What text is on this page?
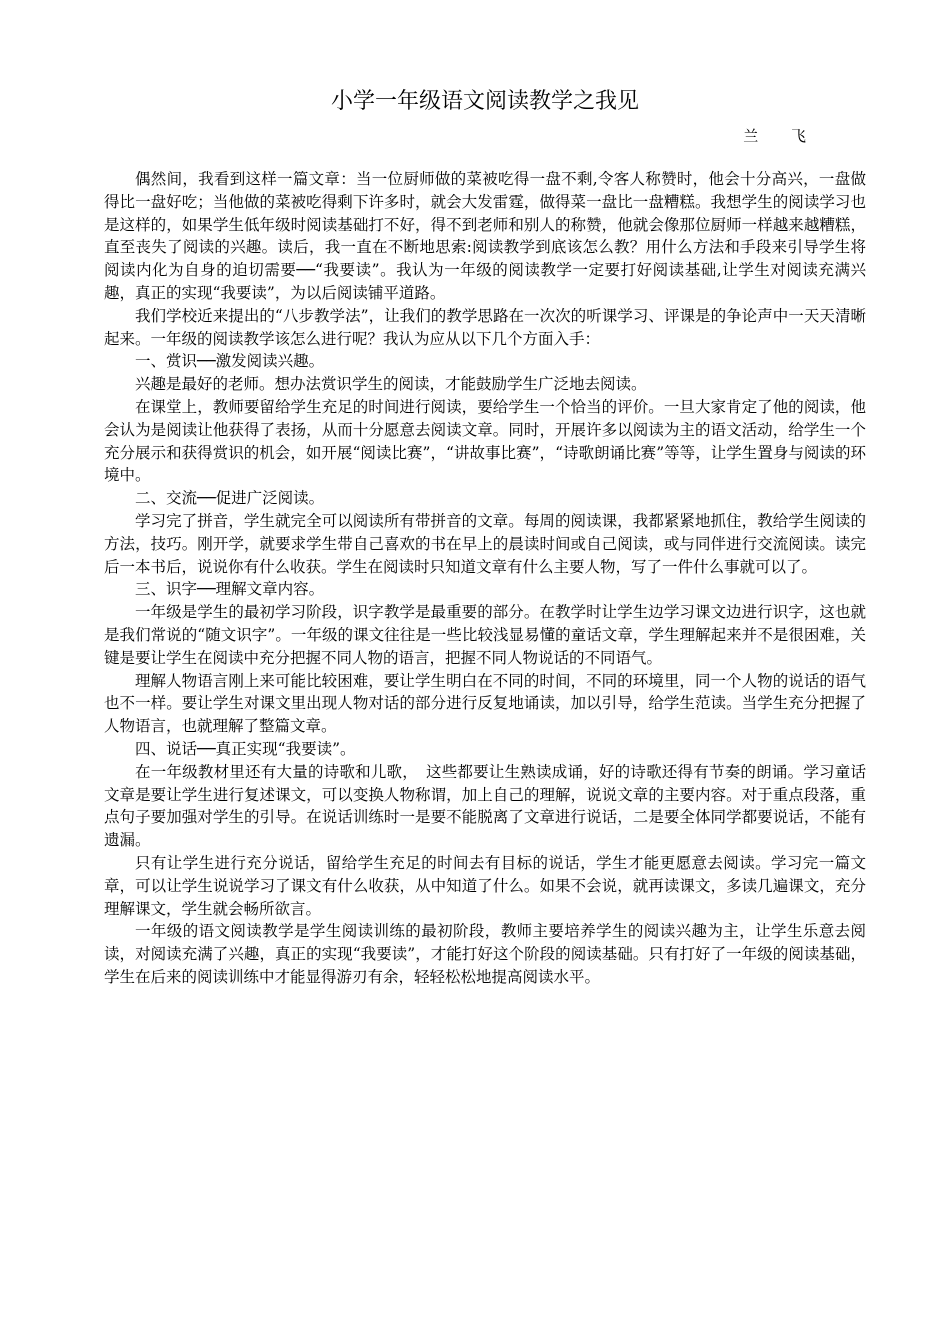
小学一年级语文阅读教学之我见
兰 飞

偶然间，我看到这样一篇文章：当一位厨师做的菜被吃得一盘不剩,令客人称赞时，他会十分高兴，一盘做得比一盘好吃；当他做的菜被吃得剩下许多时，就会大发雷霆，做得菜一盘比一盘糟糕。我想学生的阅读学习也是这样的，如果学生低年级时阅读基础打不好，得不到老师和别人的称赞，他就会像那位厨师一样越来越糟糕，直至丧失了阅读的兴趣。读后，我一直在不断地思索:阅读教学到底该怎么教？用什么方法和手段来引导学生将阅读内化为自身的迫切需要──“我要读”。我认为一年级的阅读教学一定要打好阅读基础,让学生对阅读充满兴趣，真正的实现“我要读”，为以后阅读铺平道路。

我们学校近来提出的“八步教学法”，让我们的教学思路在一次次的听课学习、评课是的争论声中一天天清晰起来。一年级的阅读教学该怎么进行呢？我认为应从以下几个方面入手：

一、赏识──激发阅读兴趣。

兴趣是最好的老师。想办法赏识学生的阅读，才能鼓励学生广泛地去阅读。

在课堂上，教师要留给学生充足的时间进行阅读，要给学生一个恰当的评价。一旦大家肯定了他的阅读，他会认为是阅读让他获得了表扬，从而十分愿意去阅读文章。同时，开展许多以阅读为主的语文活动，给学生一个充分展示和获得赏识的机会，如开展“阅读比赛”，“讲故事比赛”，“诗歌朗诵比赛”等等，让学生置身与阅读的环境中。

二、交流──促进广泛阅读。

学习完了拼音，学生就完全可以阅读所有带拼音的文章。每周的阅读课，我都紧紧地抓住，教给学生阅读的方法，技巧。刚开学，就要求学生带自己喜欢的书在早上的晨读时间或自己阅读，或与同伴进行交流阅读。读完后一本书后，说说你有什么收获。学生在阅读时只知道文章有什么主要人物，写了一件什么事就可以了。

三、识字──理解文章内容。

一年级是学生的最初学习阶段，识字教学是最重要的部分。在教学时让学生边学习课文边进行识字，这也就是我们常说的“随文识字”。一年级的课文往往是一些比较浅显易懂的童话文章，学生理解起来并不是很困难，关键是要让学生在阅读中充分把握不同人物的语言，把握不同人物说话的不同语气。

理解人物语言刚上来可能比较困难，要让学生明白在不同的时间，不同的环境里，同一个人物的说话的语气也不一样。要让学生对课文里出现人物对话的部分进行反复地诵读，加以引导，给学生范读。当学生充分把握了人物语言，也就理解了整篇文章。

四、说话──真正实现“我要读”。

在一年级教材里还有大量的诗歌和儿歌，　这些都要让生熟读成诵，好的诗歌还得有节奏的朗诵。学习童话文章是要让学生进行复述课文，可以变换人物称谓，加上自己的理解，说说文章的主要内容。对于重点段落，重点句子要加强对学生的引导。在说话训练时一是要不能脱离了文章进行说话，二是要全体同学都要说话，不能有遗漏。

只有让学生进行充分说话，留给学生充足的时间去有目标的说话，学生才能更愿意去阅读。学习完一篇文章，可以让学生说说学习了课文有什么收获，从中知道了什么。如果不会说，就再读课文，多读几遍课文，充分理解课文，学生就会畅所欲言。

一年级的语文阅读教学是学生阅读训练的最初阶段，教师主要培养学生的阅读兴趣为主，让学生乐意去阅读，对阅读充满了兴趣，真正的实现“我要读”，才能打好这个阶段的阅读基础。只有打好了一年级的阅读基础，学生在后来的阅读训练中才能显得游刃有余，轻轻松松地提高阅读水平。
